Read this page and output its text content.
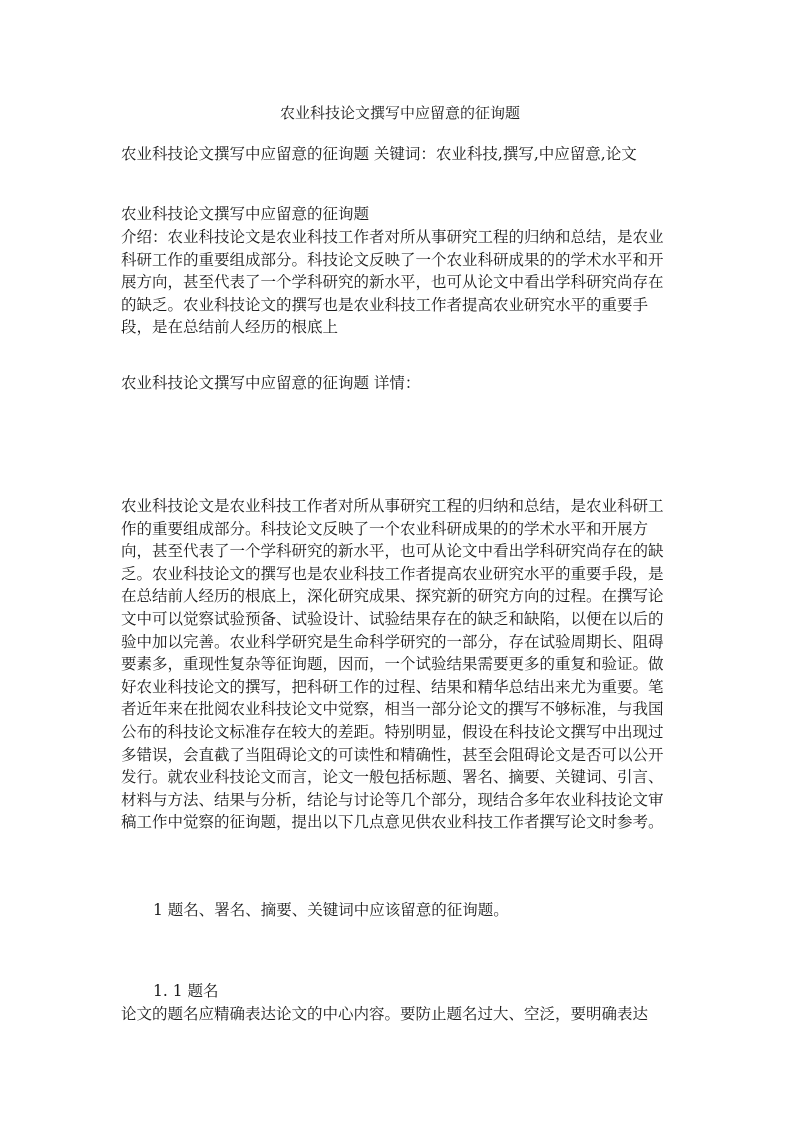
农业科技论文撰写中应留意的征询题

农业科技论文撰写中应留意的征询题 关键词：农业科技,撰写,中应留意,论文

农业科技论文撰写中应留意的征询题

介绍：农业科技论文是农业科技工作者对所从事研究工程的归纳和总结，是农业科研工作的重要组成部分。科技论文反映了一个农业科研成果的的学术水平和开展方向，甚至代表了一个学科研究的新水平，也可从论文中看出学科研究尚存在的缺乏。农业科技论文的撰写也是农业科技工作者提高农业研究水平的重要手段，是在总结前人经历的根底上

农业科技论文撰写中应留意的征询题 详情：

农业科技论文是农业科技工作者对所从事研究工程的归纳和总结，是农业科研工作的重要组成部分。科技论文反映了一个农业科研成果的的学术水平和开展方向，甚至代表了一个学科研究的新水平，也可从论文中看出学科研究尚存在的缺乏。农业科技论文的撰写也是农业科技工作者提高农业研究水平的重要手段，是在总结前人经历的根底上，深化研究成果、探究新的研究方向的过程。在撰写论文中可以觉察试验预备、试验设计、试验结果存在的缺乏和缺陷，以便在以后的验中加以完善。农业科学研究是生命科学研究的一部分，存在试验周期长、阻碍要素多，重现性复杂等征询题，因而，一个试验结果需要更多的重复和验证。做好农业科技论文的撰写，把科研工作的过程、结果和精华总结出来尤为重要。笔者近年来在批阅农业科技论文中觉察，相当一部分论文的撰写不够标准，与我国公布的科技论文标准存在较大的差距。特别明显，假设在科技论文撰写中出现过多错误，会直截了当阻碍论文的可读性和精确性，甚至会阻碍论文是否可以公开发行。就农业科技论文而言，论文一般包括标题、署名、摘要、关键词、引言、材料与方法、结果与分析，结论与讨论等几个部分，现结合多年农业科技论文审稿工作中觉察的征询题，提出以下几点意见供农业科技工作者撰写论文时参考。

1 题名、署名、摘要、关键词中应该留意的征询题。

1. 1 题名

论文的题名应精确表达论文的中心内容。要防止题名过大、空泛，要明确表达
